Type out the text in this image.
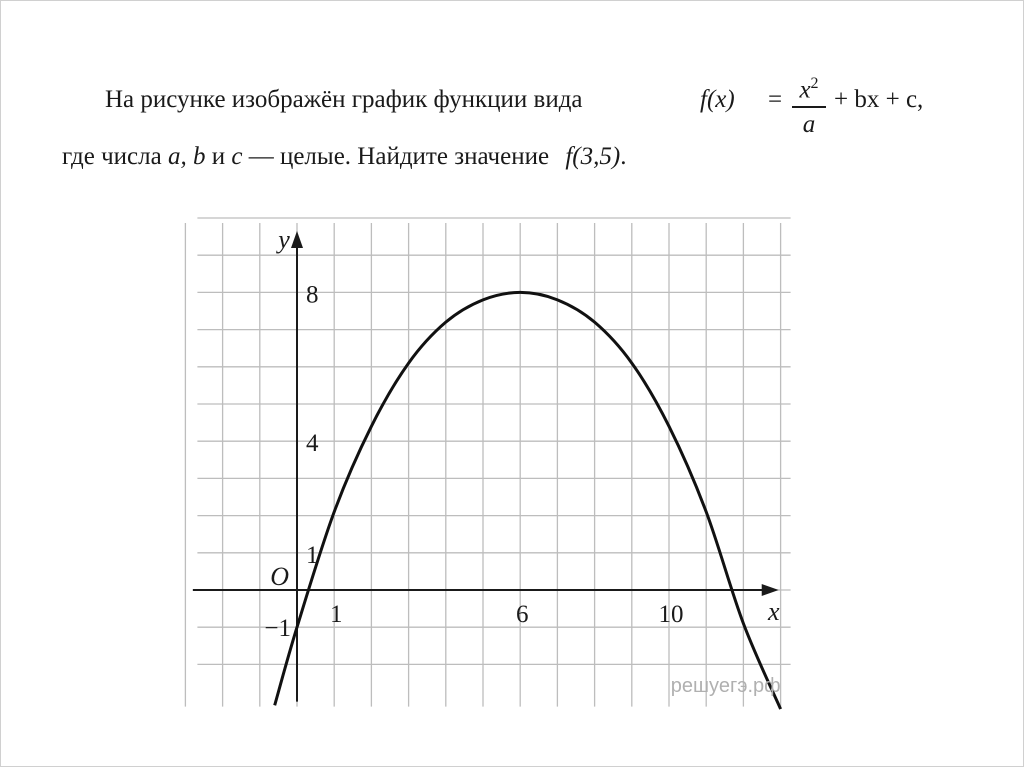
На рисунке изображён график функции вида	$f(x) = x^2$
a
+ bx + c,
где числа a, b и c — целые. Найдите значение f(3,5).
1	6	10
8
4
1
−1
O
x
y
решуегэ.рф
